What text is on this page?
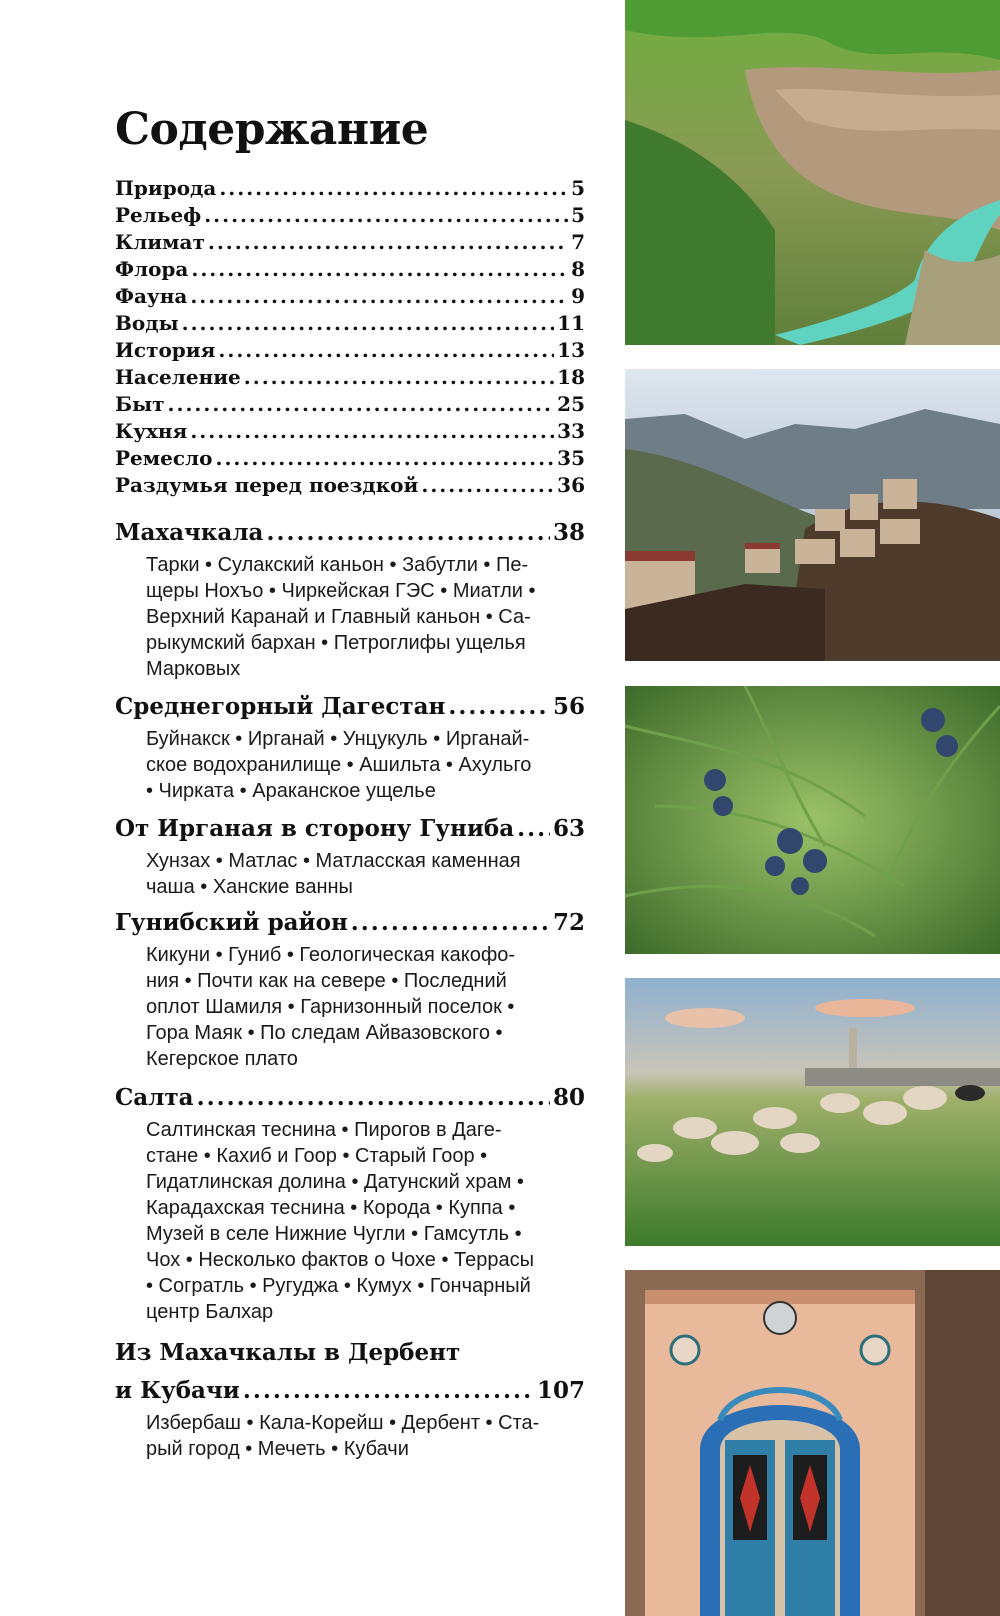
Содержание
Природа .....	5
Рельеф .....	5
Климат .....	7
Флора .....	8
Фауна .....	9
Воды .....	11
История .....	13
Население .....	18
Быт .....	25
Кухня .....	33
Ремесло .....	35
Раздумья перед поездкой .....	36
Махачкала .....	38

Тарки • Сулакский каньон • Забутли • Пе-

щеры Нохъо • Чиркейская ГЭС • Миатли •

Верхний Каранай и Главный каньон • Са-

рыкумский бархан • Петроглифы ущелья

Марковых

Среднегорный Дагестан .....	56

Буйнакск • Ирганай • Унцукуль • Ирганай-

ское водохранилище • Ашильта • Ахульго

• Чирката • Араканское ущелье

От Ирганая в сторону Гуниба ..... 63

Хунзах • Матлас • Матласская каменная

чаша • Ханские ванны

Гунибский район .....	72

Кикуни • Гуниб • Геологическая какофо-

ния • Почти как на севере • Последний

оплот Шамиля • Гарнизонный поселок •

Гора Маяк • По следам Айвазовского •

Кегерское плато

Салта .....	80

Салтинская теснина • Пирогов в Даге-

стане • Кахиб и Гоор • Старый Гоор •

Гидатлинская долина • Датунский храм •

Карадахская теснина • Корода • Куппа •

Музей в селе Нижние Чугли • Гамсутль •

Чох • Несколько фактов о Чохе • Террасы

• Согратль • Ругуджа • Кумух • Гончарный

центр Балхар

Из Махачкалы в Дербент
и Кубачи .....	107

Избербаш • Кала-Корейш • Дербент • Ста-

рый город • Мечеть • Кубачи
